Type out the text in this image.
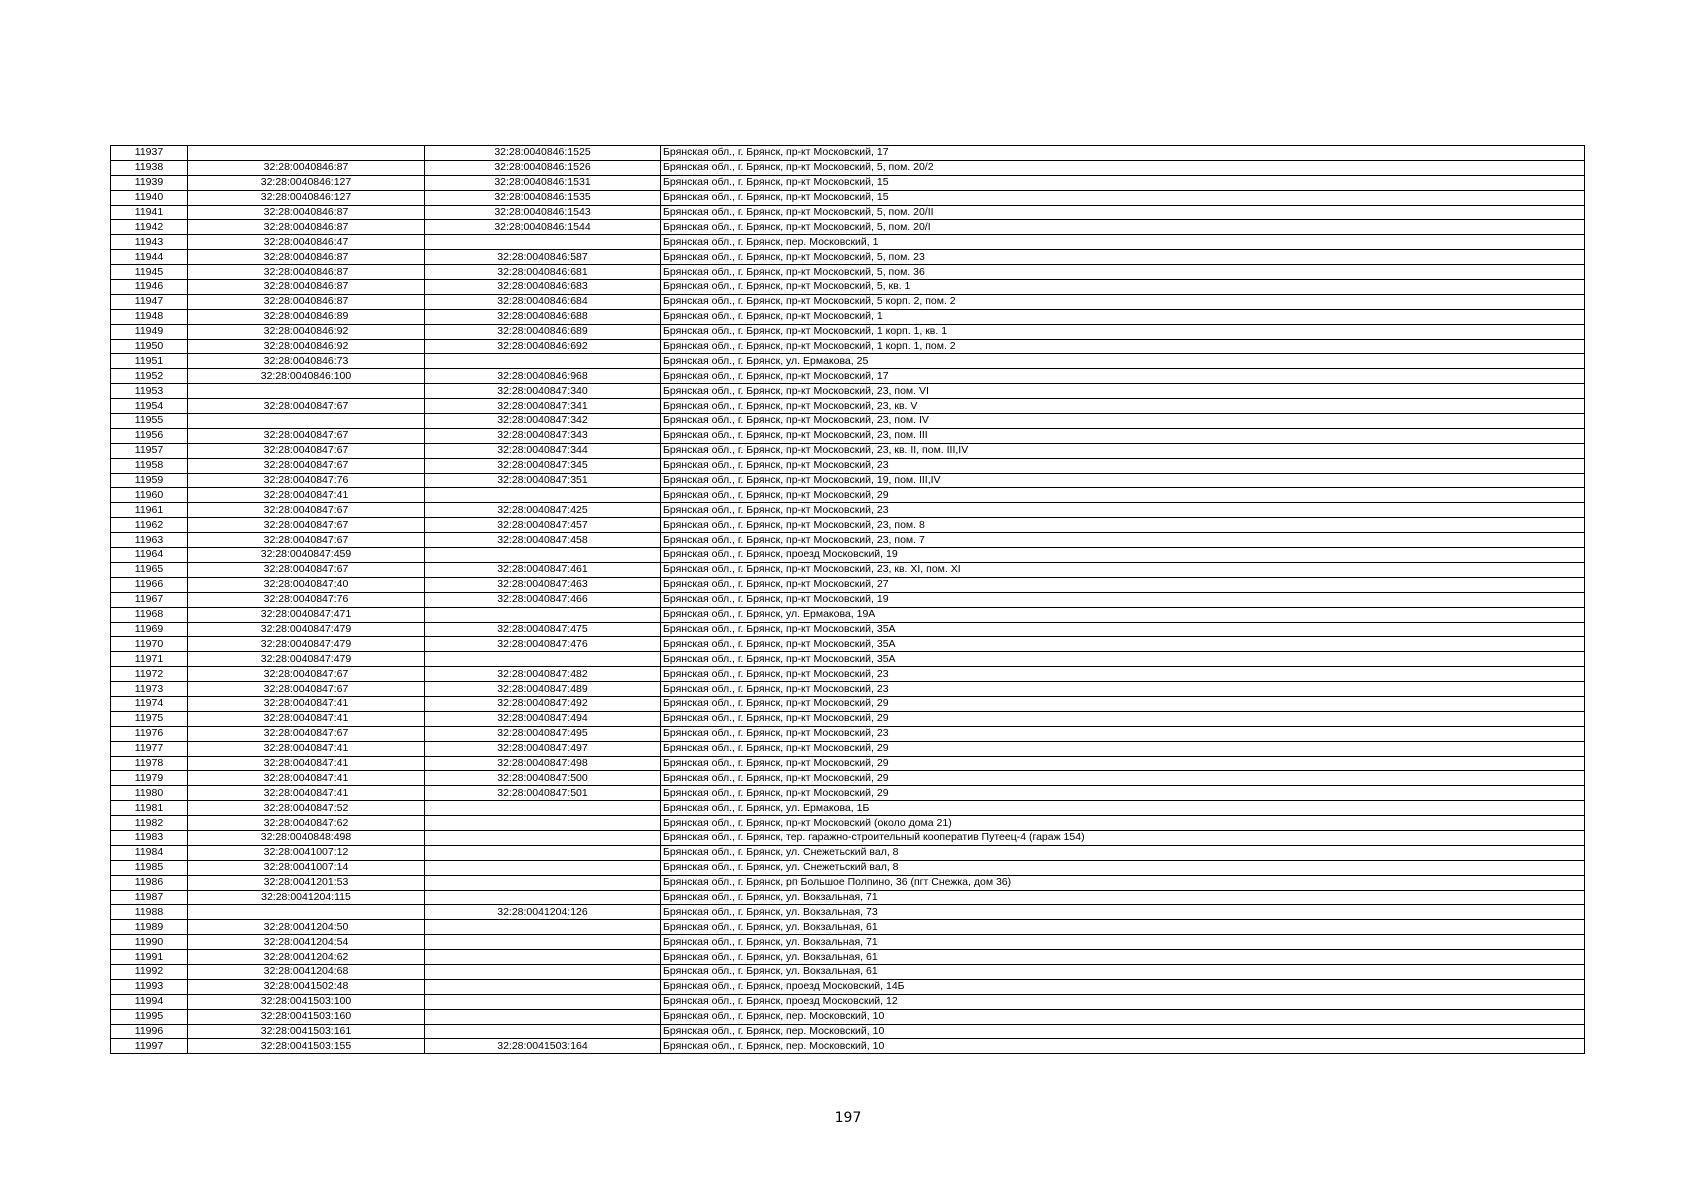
11937		32:28:0040846:1525	Брянская обл., г. Брянск, пр-кт Московский, 17
11938	32:28:0040846:87	32:28:0040846:1526	Брянская обл., г. Брянск, пр-кт Московский, 5, пом. 20/2
11939	32:28:0040846:127	32:28:0040846:1531	Брянская обл., г. Брянск, пр-кт Московский, 15
11940	32:28:0040846:127	32:28:0040846:1535	Брянская обл., г. Брянск, пр-кт Московский, 15
11941	32:28:0040846:87	32:28:0040846:1543	Брянская обл., г. Брянск, пр-кт Московский, 5, пом. 20/II
11942	32:28:0040846:87	32:28:0040846:1544	Брянская обл., г. Брянск, пр-кт Московский, 5, пом. 20/I
11943	32:28:0040846:47		Брянская обл., г. Брянск, пер. Московский, 1
11944	32:28:0040846:87	32:28:0040846:587	Брянская обл., г. Брянск, пр-кт Московский, 5, пом. 23
11945	32:28:0040846:87	32:28:0040846:681	Брянская обл., г. Брянск, пр-кт Московский, 5, пом. 36
11946	32:28:0040846:87	32:28:0040846:683	Брянская обл., г. Брянск, пр-кт Московский, 5, кв. 1
11947	32:28:0040846:87	32:28:0040846:684	Брянская обл., г. Брянск, пр-кт Московский, 5 корп. 2, пом. 2
11948	32:28:0040846:89	32:28:0040846:688	Брянская обл., г. Брянск, пр-кт Московский, 1
11949	32:28:0040846:92	32:28:0040846:689	Брянская обл., г. Брянск, пр-кт Московский, 1 корп. 1, кв. 1
11950	32:28:0040846:92	32:28:0040846:692	Брянская обл., г. Брянск, пр-кт Московский, 1 корп. 1, пом. 2
11951	32:28:0040846:73		Брянская обл., г. Брянск, ул. Ермакова, 25
11952	32:28:0040846:100	32:28:0040846:968	Брянская обл., г. Брянск, пр-кт Московский, 17
11953		32:28:0040847:340	Брянская обл., г. Брянск, пр-кт Московский, 23, пом. VI
11954	32:28:0040847:67	32:28:0040847:341	Брянская обл., г. Брянск, пр-кт Московский, 23, кв. V
11955		32:28:0040847:342	Брянская обл., г. Брянск, пр-кт Московский, 23, пом. IV
11956	32:28:0040847:67	32:28:0040847:343	Брянская обл., г. Брянск, пр-кт Московский, 23, пом. III
11957	32:28:0040847:67	32:28:0040847:344	Брянская обл., г. Брянск, пр-кт Московский, 23, кв. II, пом. III,IV
11958	32:28:0040847:67	32:28:0040847:345	Брянская обл., г. Брянск, пр-кт Московский, 23
11959	32:28:0040847:76	32:28:0040847:351	Брянская обл., г. Брянск, пр-кт Московский, 19, пом. III,IV
11960	32:28:0040847:41		Брянская обл., г. Брянск, пр-кт Московский, 29
11961	32:28:0040847:67	32:28:0040847:425	Брянская обл., г. Брянск, пр-кт Московский, 23
11962	32:28:0040847:67	32:28:0040847:457	Брянская обл., г. Брянск, пр-кт Московский, 23, пом. 8
11963	32:28:0040847:67	32:28:0040847:458	Брянская обл., г. Брянск, пр-кт Московский, 23, пом. 7
11964	32:28:0040847:459		Брянская обл., г. Брянск, проезд Московский, 19
11965	32:28:0040847:67	32:28:0040847:461	Брянская обл., г. Брянск, пр-кт Московский, 23, кв. XI, пом. XI
11966	32:28:0040847:40	32:28:0040847:463	Брянская обл., г. Брянск, пр-кт Московский, 27
11967	32:28:0040847:76	32:28:0040847:466	Брянская обл., г. Брянск, пр-кт Московский, 19
11968	32:28:0040847:471		Брянская обл., г. Брянск, ул. Ермакова, 19А
11969	32:28:0040847:479	32:28:0040847:475	Брянская обл., г. Брянск, пр-кт Московский, 35А
11970	32:28:0040847:479	32:28:0040847:476	Брянская обл., г. Брянск, пр-кт Московский, 35А
11971	32:28:0040847:479		Брянская обл., г. Брянск, пр-кт Московский, 35А
11972	32:28:0040847:67	32:28:0040847:482	Брянская обл., г. Брянск, пр-кт Московский, 23
11973	32:28:0040847:67	32:28:0040847:489	Брянская обл., г. Брянск, пр-кт Московский, 23
11974	32:28:0040847:41	32:28:0040847:492	Брянская обл., г. Брянск, пр-кт Московский, 29
11975	32:28:0040847:41	32:28:0040847:494	Брянская обл., г. Брянск, пр-кт Московский, 29
11976	32:28:0040847:67	32:28:0040847:495	Брянская обл., г. Брянск, пр-кт Московский, 23
11977	32:28:0040847:41	32:28:0040847:497	Брянская обл., г. Брянск, пр-кт Московский, 29
11978	32:28:0040847:41	32:28:0040847:498	Брянская обл., г. Брянск, пр-кт Московский, 29
11979	32:28:0040847:41	32:28:0040847:500	Брянская обл., г. Брянск, пр-кт Московский, 29
11980	32:28:0040847:41	32:28:0040847:501	Брянская обл., г. Брянск, пр-кт Московский, 29
11981	32:28:0040847:52		Брянская обл., г. Брянск, ул. Ермакова, 1Б
11982	32:28:0040847:62		Брянская обл., г. Брянск, пр-кт Московский (около дома 21)
11983	32:28:0040848:498		Брянская обл., г. Брянск, тер. гаражно-строительный кооператив Путеец-4 (гараж 154)
11984	32:28:0041007:12		Брянская обл., г. Брянск, ул. Снежетьский вал, 8
11985	32:28:0041007:14		Брянская обл., г. Брянск, ул. Снежетьский вал, 8
11986	32:28:0041201:53		Брянская обл., г. Брянск, рп Большое Полпино, 36 (пгт Снежка, дом 36)
11987	32:28:0041204:115		Брянская обл., г. Брянск, ул. Вокзальная, 71
11988		32:28:0041204:126	Брянская обл., г. Брянск, ул. Вокзальная, 73
11989	32:28:0041204:50		Брянская обл., г. Брянск, ул. Вокзальная, 61
11990	32:28:0041204:54		Брянская обл., г. Брянск, ул. Вокзальная, 71
11991	32:28:0041204:62		Брянская обл., г. Брянск, ул. Вокзальная, 61
11992	32:28:0041204:68		Брянская обл., г. Брянск, ул. Вокзальная, 61
11993	32:28:0041502:48		Брянская обл., г. Брянск, проезд Московский, 14Б
11994	32:28:0041503:100		Брянская обл., г. Брянск, проезд Московский, 12
11995	32:28:0041503:160		Брянская обл., г. Брянск, пер. Московский, 10
11996	32:28:0041503:161		Брянская обл., г. Брянск, пер. Московский, 10
11997	32:28:0041503:155	32:28:0041503:164	Брянская обл., г. Брянск, пер. Московский, 10
197
